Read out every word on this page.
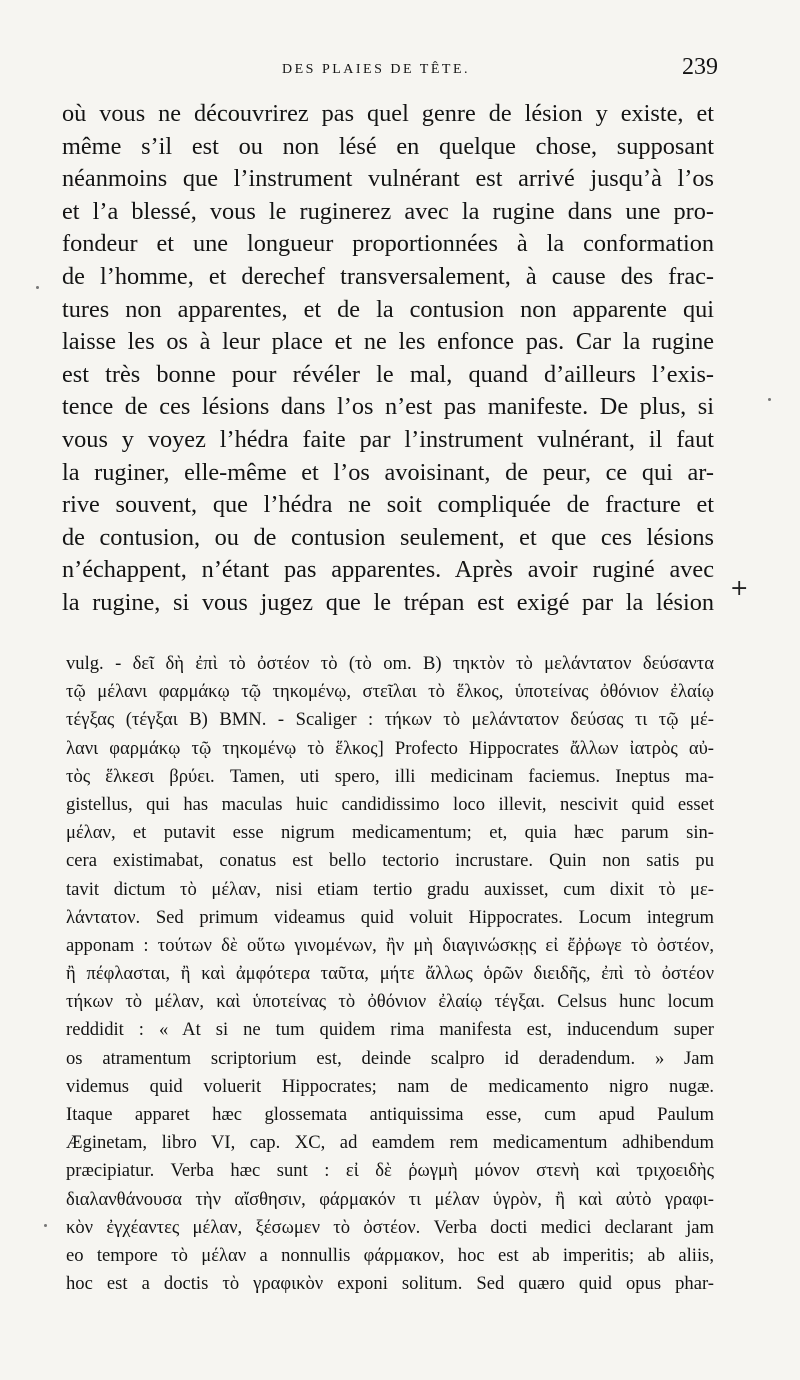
DES PLAIES DE TÊTE.	239
où vous ne découvrirez pas quel genre de lésion y existe, et
même s’il est ou non lésé en quelque chose, supposant
néanmoins que l’instrument vulnérant est arrivé jusqu’à l’os
et l’a blessé, vous le ruginerez avec la rugine dans une pro-
fondeur et une longueur proportionnées à la conformation
de l’homme, et derechef transversalement, à cause des frac-
tures non apparentes, et de la contusion non apparente qui
laisse les os à leur place et ne les enfonce pas. Car la rugine
est très bonne pour révéler le mal, quand d’ailleurs l’exis-
tence de ces lésions dans l’os n’est pas manifeste. De plus, si
vous y voyez l’hédra faite par l’instrument vulnérant, il faut
la ruginer, elle-même et l’os avoisinant, de peur, ce qui ar-
rive souvent, que l’hédra ne soit compliquée de fracture et
de contusion, ou de contusion seulement, et que ces lésions
n’échappent, n’étant pas apparentes. Après avoir ruginé avec
la rugine, si vous jugez que le trépan est exigé par la lésion
+
vulg. - δεῖ δὴ ἐπὶ τὸ ὀστέον τὸ (τὸ om. B) τηκτὸν τὸ μελάντατον δεύσαντα
τῷ μέλανι φαρμάκῳ τῷ τηκομένῳ, στεῖλαι τὸ ἕλκος, ὑποτείνας ὀθόνιον ἐλαίῳ
τέγξας (τέγξαι B) BMN. - Scaliger : τήκων τὸ μελάντατον δεύσας τι τῷ μέ-
λανι φαρμάκῳ τῷ τηκομένῳ τὸ ἕλκος] Profecto Hippocrates ἄλλων ἰατρὸς αὐ-
τὸς ἕλκεσι βρύει. Tamen, uti spero, illi medicinam faciemus. Ineptus ma-
gistellus, qui has maculas huic candidissimo loco illevit, nescivit quid esset
μέλαν, et putavit esse nigrum medicamentum; et, quia hæc parum sin-
cera existimabat, conatus est bello tectorio incrustare. Quin non satis pu
tavit dictum τὸ μέλαν, nisi etiam tertio gradu auxisset, cum dixit τὸ με-
λάντατον. Sed primum videamus quid voluit Hippocrates. Locum integrum
apponam : τούτων δὲ οὕτω γινομένων, ἢν μὴ διαγινώσκῃς εἰ ἔῤῥωγε τὸ ὀστέον,
ἢ πέφλασται, ἢ καὶ ἀμφότερα ταῦτα, μήτε ἄλλως ὁρῶν διειδῆς, ἐπὶ τὸ ὀστέον
τήκων τὸ μέλαν, καὶ ὑποτείνας τὸ ὀθόνιον ἐλαίῳ τέγξαι. Celsus hunc locum
reddidit : « At si ne tum quidem rima manifesta est, inducendum super
os atramentum scriptorium est, deinde scalpro id deradendum. » Jam
videmus quid voluerit Hippocrates; nam de medicamento nigro nugæ.
Itaque apparet hæc glossemata antiquissima esse, cum apud Paulum
Æginetam, libro VI, cap. XC, ad eamdem rem medicamentum adhibendum
præcipiatur. Verba hæc sunt : εἰ δὲ ῥωγμὴ μόνον στενὴ καὶ τριχοειδὴς
διαλανθάνουσα τὴν αἴσθησιν, φάρμακόν τι μέλαν ὑγρὸν, ἢ καὶ αὐτὸ γραφι-
κὸν ἐγχέαντες μέλαν, ξέσωμεν τὸ ὀστέον. Verba docti medici declarant jam
eo tempore τὸ μέλαν a nonnullis φάρμακον, hoc est ab imperitis; ab aliis,
hoc est a doctis τὸ γραφικὸν exponi solitum. Sed quæro quid opus phar-
